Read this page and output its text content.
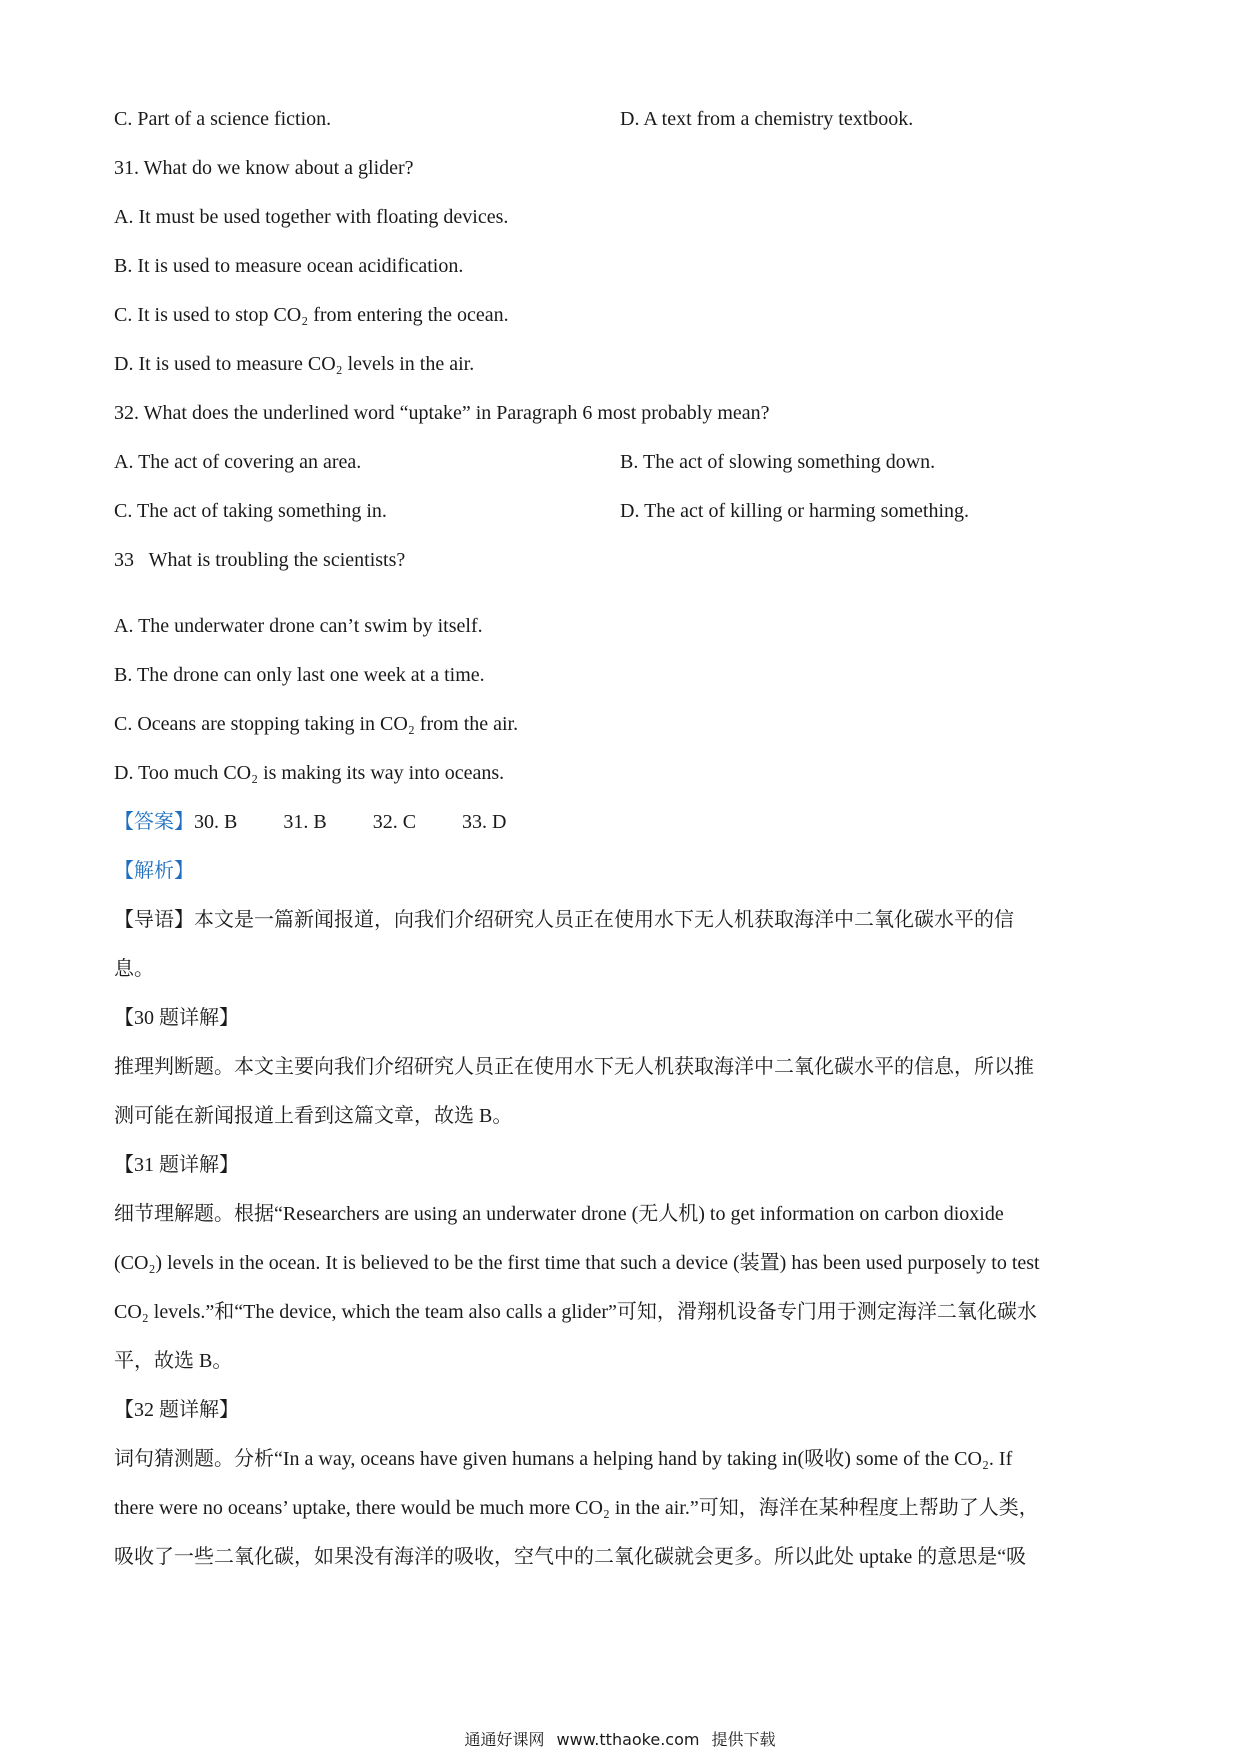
C. Part of a science fiction.	D. A text from a chemistry textbook.
31. What do we know about a glider?
A. It must be used together with floating devices.
B. It is used to measure ocean acidification.
C. It is used to stop CO₂ from entering the ocean.
D. It is used to measure CO₂ levels in the air.
32. What does the underlined word “uptake” in Paragraph 6 most probably mean?
A. The act of covering an area.	B. The act of slowing something down.
C. The act of taking something in.	D. The act of killing or harming something.
33   What is troubling the scientists?
A. The underwater drone can’t swim by itself.
B. The drone can only last one week at a time.
C. Oceans are stopping taking in CO₂ from the air.
D. Too much CO₂ is making its way into oceans.
【答案】30. B 31. B 32. C 33. D
【解析】
【导语】本文是一篇新闻报道，向我们介绍研究人员正在使用水下无人机获取海洋中二氧化碳水平的信
息。
【30 题详解】
推理判断题。本文主要向我们介绍研究人员正在使用水下无人机获取海洋中二氧化碳水平的信息，所以推
测可能在新闻报道上看到这篇文章，故选 B。
【31 题详解】
细节理解题。根据“Researchers are using an underwater drone (无人机) to get information on carbon dioxide
(CO₂) levels in the ocean. It is believed to be the first time that such a device (装置) has been used purposely to test
CO₂ levels.”和“The device, which the team also calls a glider”可知，滑翔机设备专门用于测定海洋二氧化碳水
平，故选 B。
【32 题详解】
词句猜测题。分析“In a way, oceans have given humans a helping hand by taking in(吸收) some of the CO₂. If
there were no oceans’ uptake, there would be much more CO₂ in the air.”可知，海洋在某种程度上帮助了人类，
吸收了一些二氧化碳，如果没有海洋的吸收，空气中的二氧化碳就会更多。所以此处 uptake 的意思是“吸
通通好课网 www.tthaoke.com 提供下载
